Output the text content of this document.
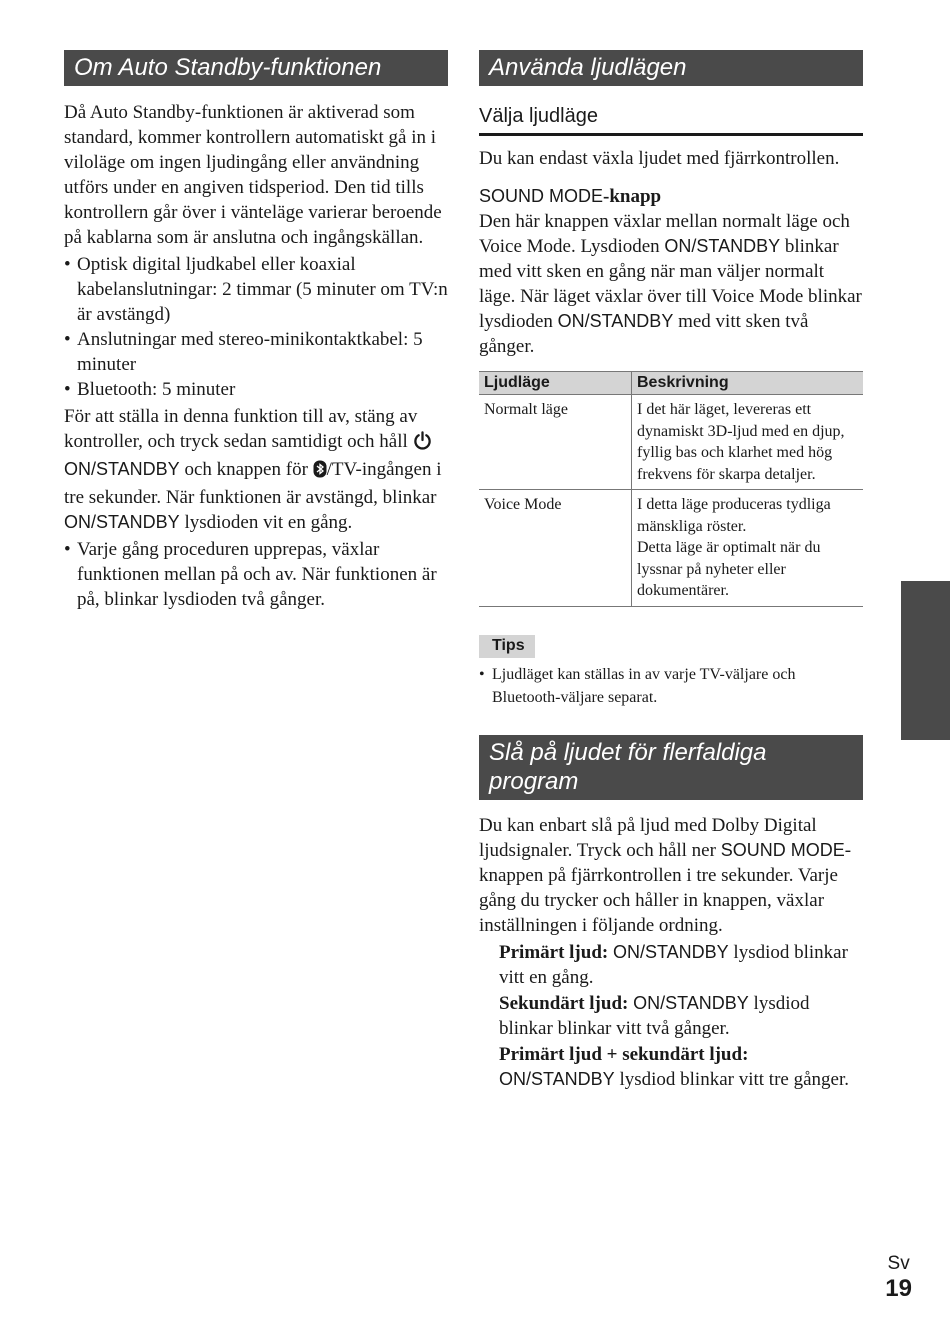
Om Auto Standby-funktionen

Då Auto Standby-funktionen är aktiverad som standard, kommer kontrollern automatiskt gå in i viloläge om ingen ljudingång eller användning utförs under en angiven tidsperiod. Den tid tills kontrollern går över i vänteläge varierar beroende på kablarna som är anslutna och ingångskällan.

• Optisk digital ljudkabel eller koaxial kabelanslutningar: 2 timmar (5 minuter om TV:n är avstängd)
• Anslutningar med stereo-minikontaktkabel: 5 minuter
• Bluetooth: 5 minuter

För att ställa in denna funktion till av, stäng av kontroller, och tryck sedan samtidigt och håll ON/STANDBY och knappen för /TV-ingången i tre sekunder. När funktionen är avstängd, blinkar ON/STANDBY lysdioden vit en gång.

• Varje gång proceduren upprepas, växlar funktionen mellan på och av. När funktionen är på, blinkar lysdioden två gånger.
Använda ljudlägen
Välja ljudläge

Du kan endast växla ljudet med fjärrkontrollen.

SOUND MODE-knapp

Den här knappen växlar mellan normalt läge och Voice Mode. Lysdioden ON/STANDBY blinkar med vitt sken en gång när man väljer normalt läge. När läget växlar över till Voice Mode blinkar lysdioden ON/STANDBY med vitt sken två gånger.

Ljudläge	Beskrivning
Normalt läge	I det här läget, levereras ett dynamiskt 3D-ljud med en djup, fyllig bas och klarhet med hög frekvens för skarpa detaljer.
Voice Mode	I detta läge produceras tydliga mänskliga röster.
Detta läge är optimalt när du lyssnar på nyheter eller dokumentärer.
Tips
• Ljudläget kan ställas in av varje TV-väljare och Bluetooth-väljare separat.
Slå på ljudet för flerfaldiga program

Du kan enbart slå på ljud med Dolby Digital ljudsignaler. Tryck och håll ner SOUND MODE-knappen på fjärrkontrollen i tre sekunder. Varje gång du trycker och håller in knappen, växlar inställningen i följande ordning.

Primärt ljud: ON/STANDBY lysdiod blinkar vitt en gång.

Sekundärt ljud: ON/STANDBY lysdiod blinkar blinkar vitt två gånger.

Primärt ljud + sekundärt ljud:
ON/STANDBY lysdiod blinkar vitt tre gånger.

Sv
19
